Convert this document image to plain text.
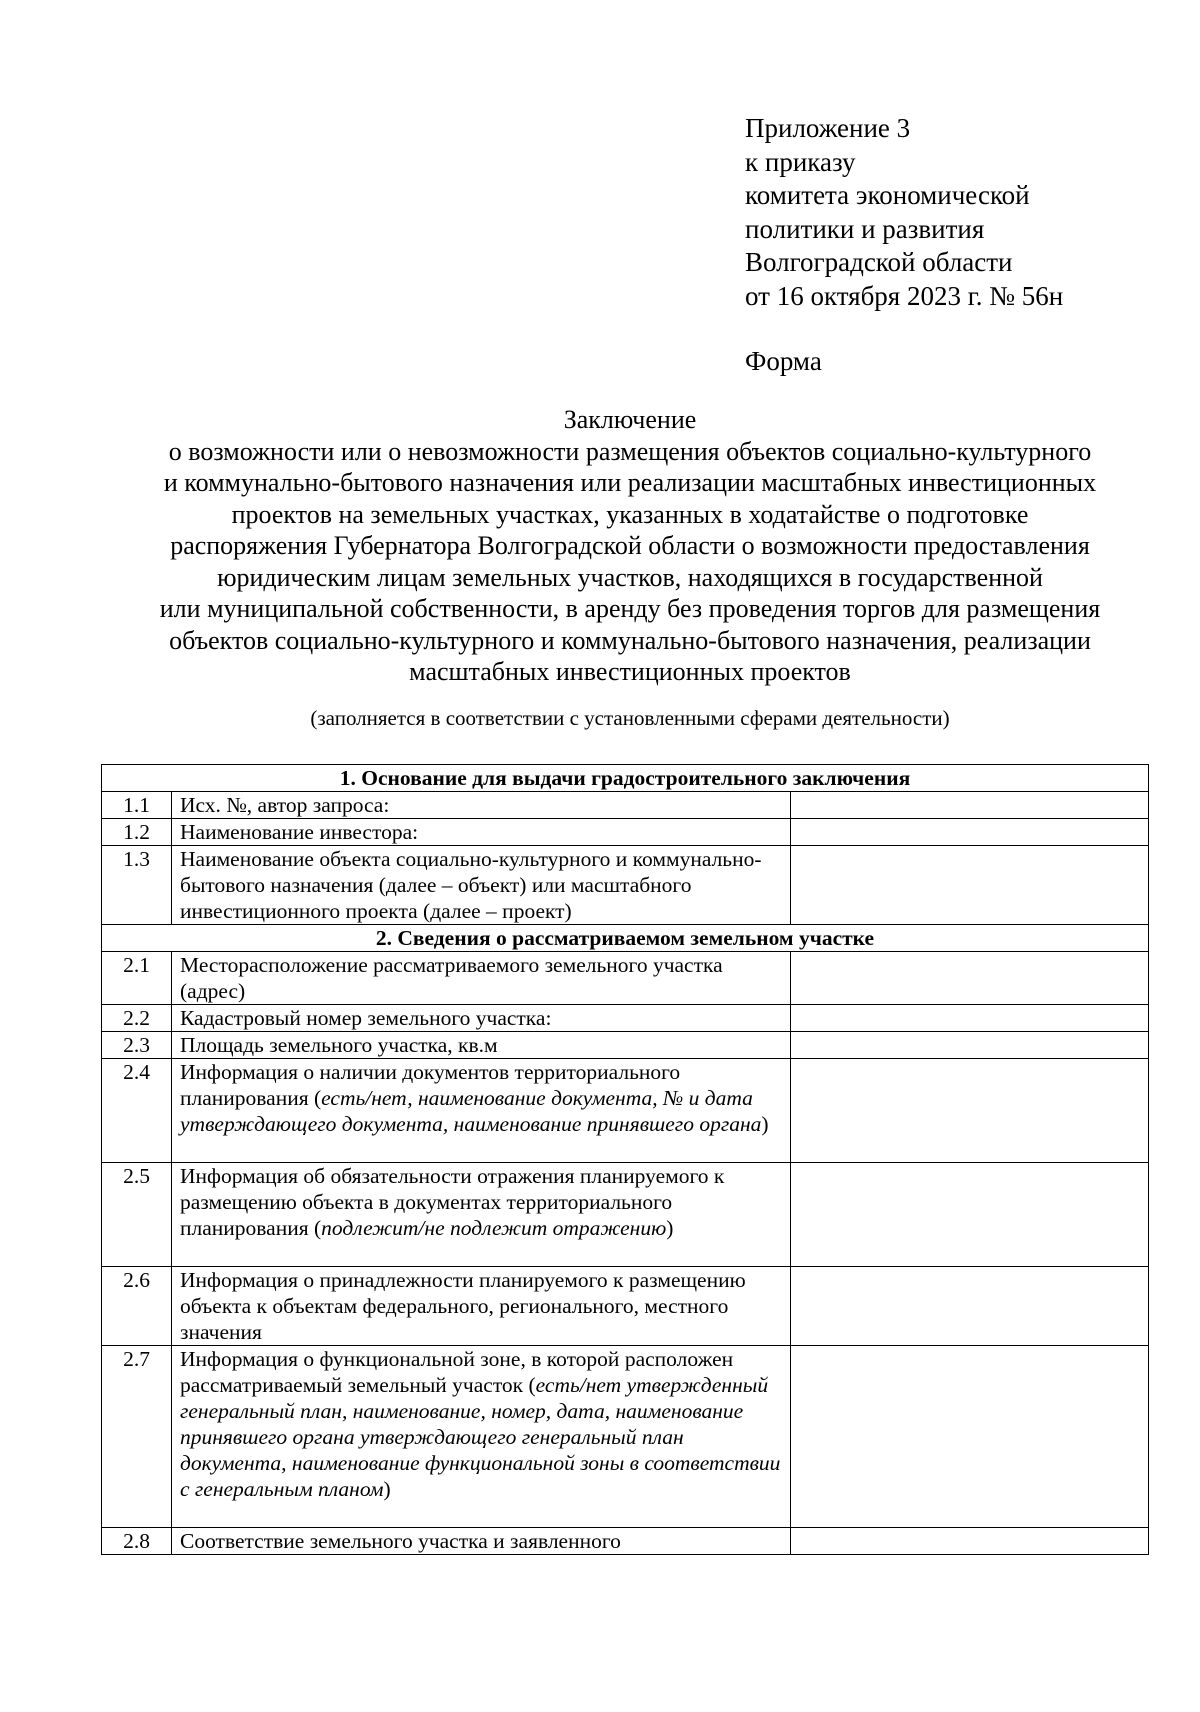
Приложение 3
к приказу
комитета экономической
политики и развития
Волгоградской области
от 16 октября 2023 г. № 56н
Форма
Заключение
о возможности или о невозможности размещения объектов социально-культурного
и коммунально-бытового назначения или реализации масштабных инвестиционных
проектов на земельных участках, указанных в ходатайстве о подготовке
распоряжения Губернатора Волгоградской области о возможности предоставления
юридическим лицам земельных участков, находящихся в государственной
или муниципальной собственности, в аренду без проведения торгов для размещения
объектов социально-культурного и коммунально-бытового назначения, реализации
масштабных инвестиционных проектов
(заполняется в соответствии с установленными сферами деятельности)
1. Основание для выдачи градостроительного заключения		
1.1	Исх. №, автор запроса:	
1.2	Наименование инвестора:	
1.3	Наименование объекта социально-культурного и коммунально-бытового назначения (далее – объект) или масштабного инвестиционного проекта (далее – проект)	
2. Сведения о рассматриваемом земельном участке		
2.1	Месторасположение рассматриваемого земельного участка (адрес)	
2.2	Кадастровый номер земельного участка:	
2.3	Площадь земельного участка, кв.м	
2.4	Информация о наличии документов территориального планирования (есть/нет, наименование документа, № и дата утверждающего документа, наименование принявшего органа)	
2.5	Информация об обязательности отражения планируемого к размещению объекта в документах территориального планирования (подлежит/не подлежит отражению)	
2.6	Информация о принадлежности планируемого к размещению объекта к объектам федерального, регионального, местного значения	
2.7	Информация о функциональной зоне, в которой расположен рассматриваемый земельный участок (есть/нет утвержденный генеральный план, наименование, номер, дата, наименование принявшего органа утверждающего генеральный план документа, наименование функциональной зоны в соответствии с генеральным планом)	
2.8	Соответствие земельного участка и заявленного	
